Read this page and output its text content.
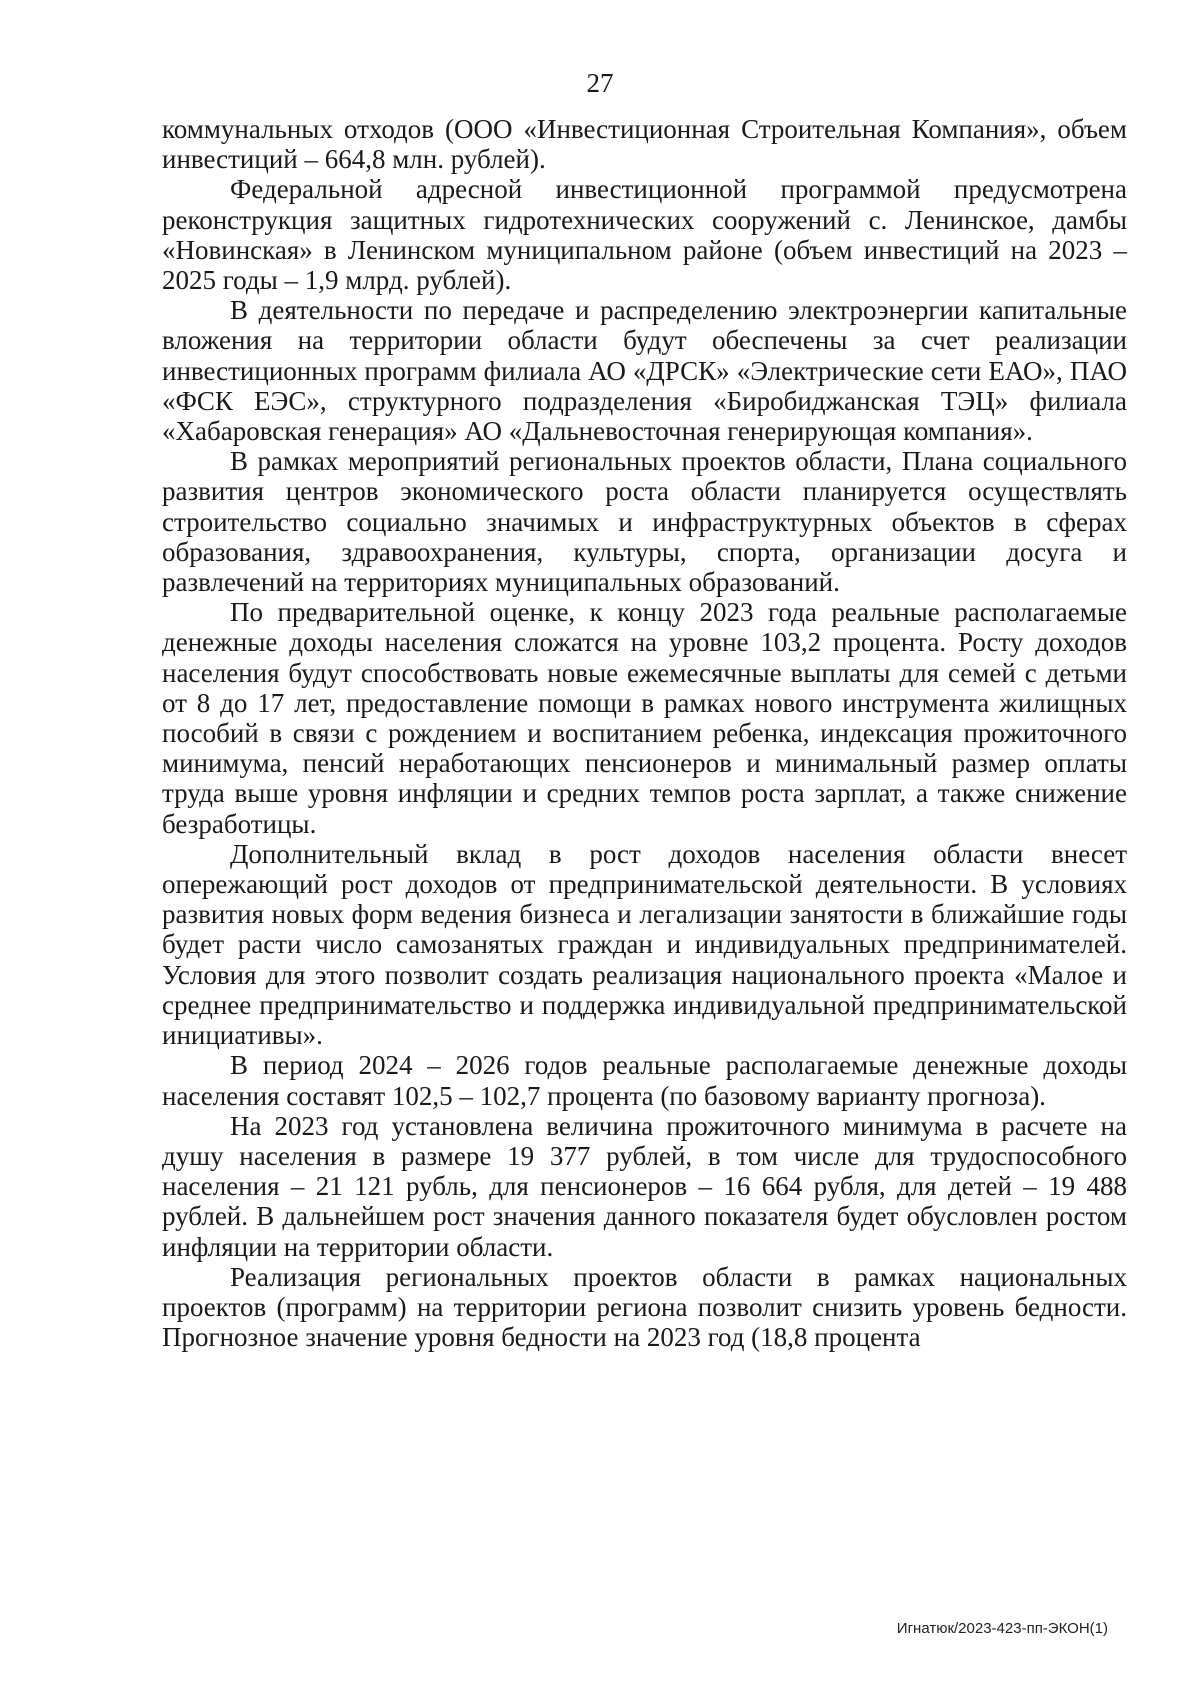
27

коммунальных отходов (ООО «Инвестиционная Строительная Компания», объем инвестиций – 664,8 млн. рублей).

Федеральной адресной инвестиционной программой предусмотрена реконструкция защитных гидротехнических сооружений с. Ленинское, дамбы «Новинская» в Ленинском муниципальном районе (объем инвестиций на 2023 – 2025 годы – 1,9 млрд. рублей).

В деятельности по передаче и распределению электроэнергии капитальные вложения на территории области будут обеспечены за счет реализации инвестиционных программ филиала АО «ДРСК» «Электрические сети ЕАО», ПАО «ФСК ЕЭС», структурного подразделения «Биробиджанская ТЭЦ» филиала «Хабаровская генерация» АО «Дальневосточная генерирующая компания».

В рамках мероприятий региональных проектов области, Плана социального развития центров экономического роста области планируется осуществлять строительство социально значимых и инфраструктурных объектов в сферах образования, здравоохранения, культуры, спорта, организации досуга и развлечений на территориях муниципальных образований.

По предварительной оценке, к концу 2023 года реальные располагаемые денежные доходы населения сложатся на уровне 103,2 процента. Росту доходов населения будут способствовать новые ежемесячные выплаты для семей с детьми от 8 до 17 лет, предоставление помощи в рамках нового инструмента жилищных пособий в связи с рождением и воспитанием ребенка, индексация прожиточного минимума, пенсий неработающих пенсионеров и минимальный размер оплаты труда выше уровня инфляции и средних темпов роста зарплат, а также снижение безработицы.

Дополнительный вклад в рост доходов населения области внесет опережающий рост доходов от предпринимательской деятельности. В условиях развития новых форм ведения бизнеса и легализации занятости в ближайшие годы будет расти число самозанятых граждан и индивидуальных предпринимателей. Условия для этого позволит создать реализация национального проекта «Малое и среднее предпринимательство и поддержка индивидуальной предпринимательской инициативы».

В период 2024 – 2026 годов реальные располагаемые денежные доходы населения составят 102,5 – 102,7 процента (по базовому варианту прогноза).

На 2023 год установлена величина прожиточного минимума в расчете на душу населения в размере 19 377 рублей, в том числе для трудоспособного населения – 21 121 рубль, для пенсионеров – 16 664 рубля, для детей – 19 488 рублей. В дальнейшем рост значения данного показателя будет обусловлен ростом инфляции на территории области.

Реализация региональных проектов области в рамках национальных проектов (программ) на территории региона позволит снизить уровень бедности. Прогнозное значение уровня бедности на 2023 год (18,8 процента

Игнатюк/2023-423-пп-ЭКОН(1)
